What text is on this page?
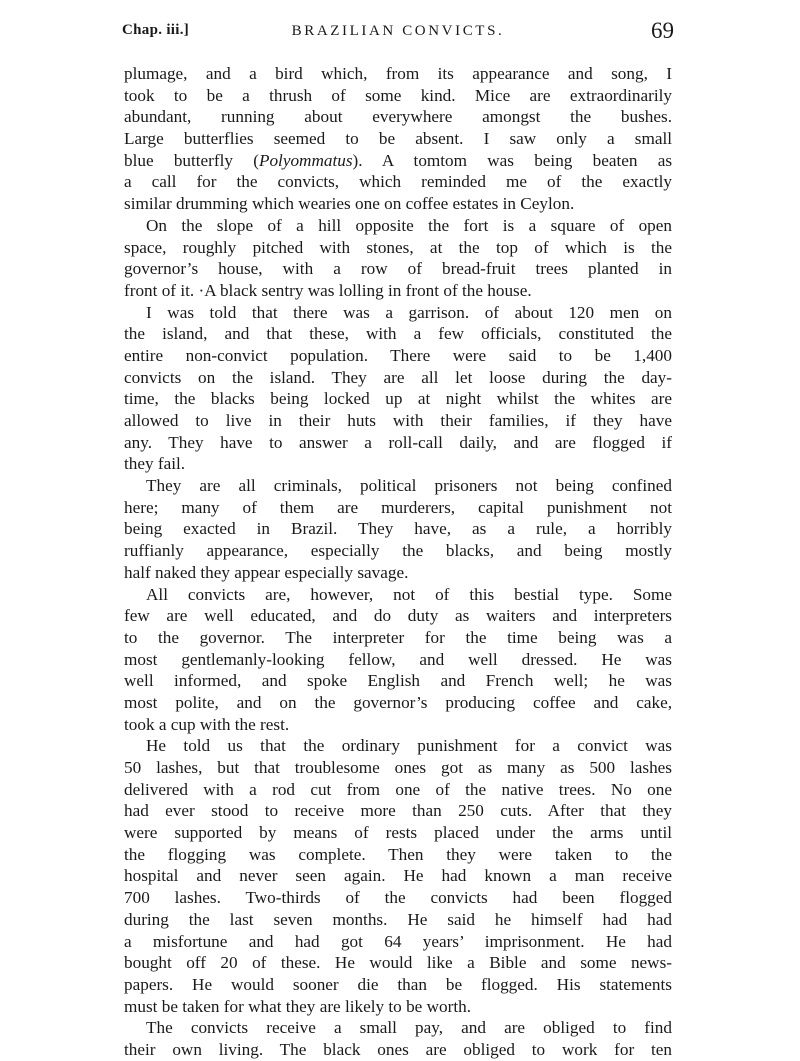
Chap. iii.]	BRAZILIAN CONVICTS.	69
plumage, and a bird which, from its appearance and song, I
took to be a thrush of some kind. Mice are extraordinarily
abundant, running about everywhere amongst the bushes.
Large butterflies seemed to be absent. I saw only a small
blue butterfly (Polyommatus). A tomtom was being beaten as
a call for the convicts, which reminded me of the exactly
similar drumming which wearies one on coffee estates in Ceylon.
On the slope of a hill opposite the fort is a square of open
space, roughly pitched with stones, at the top of which is the
governor’s house, with a row of bread-fruit trees planted in
front of it. ·A black sentry was lolling in front of the house.
I was told that there was a garrison. of about 120 men on
the island, and that these, with a few officials, constituted the
entire non-convict population. There were said to be 1,400
convicts on the island. They are all let loose during the day-
time, the blacks being locked up at night whilst the whites are
allowed to live in their huts with their families, if they have
any. They have to answer a roll-call daily, and are flogged if
they fail.
They are all criminals, political prisoners not being confined
here; many of them are murderers, capital punishment not
being exacted in Brazil. They have, as a rule, a horribly
ruffianly appearance, especially the blacks, and being mostly
half naked they appear especially savage.
All convicts are, however, not of this bestial type. Some
few are well educated, and do duty as waiters and interpreters
to the governor. The interpreter for the time being was a
most gentlemanly-looking fellow, and well dressed. He was
well informed, and spoke English and French well; he was
most polite, and on the governor’s producing coffee and cake,
took a cup with the rest.
He told us that the ordinary punishment for a convict was
50 lashes, but that troublesome ones got as many as 500 lashes
delivered with a rod cut from one of the native trees. No one
had ever stood to receive more than 250 cuts. After that they
were supported by means of rests placed under the arms until
the flogging was complete. Then they were taken to the
hospital and never seen again. He had known a man receive
700 lashes. Two-thirds of the convicts had been flogged
during the last seven months. He said he himself had had
a misfortune and had got 64 years’ imprisonment. He had
bought off 20 of these. He would like a Bible and some news-
papers. He would sooner die than be flogged. His statements
must be taken for what they are likely to be worth.
The convicts receive a small pay, and are obliged to find
their own living. The black ones are obliged to work for ten
